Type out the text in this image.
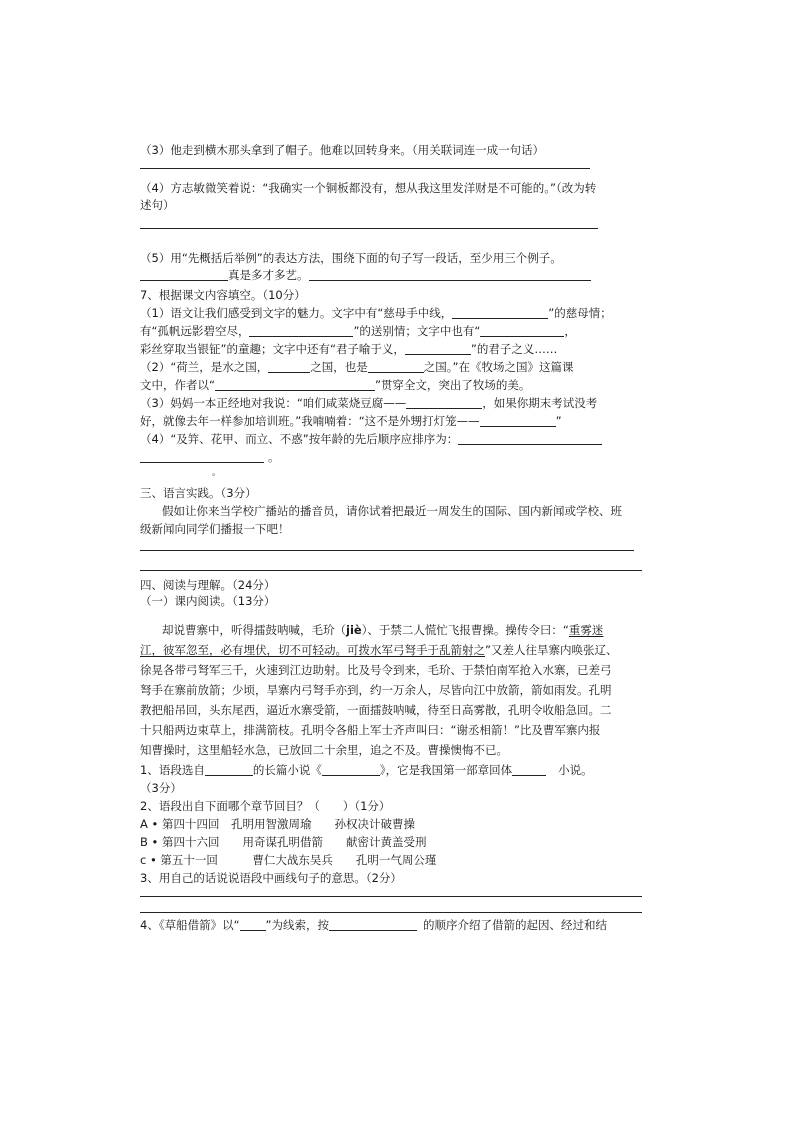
（3）他走到横木那头拿到了帽子。他难以回转身来。（用关联词连一成一句话）
（4）方志敏微笑着说：“我确实一个铜板都没有，想从我这里发洋财是不可能的。”（改为转
述句）
（5）用“先概括后举例”的表达方法，围绕下面的句子写一段话，至少用三个例子。
真是多才多艺。
7、根据课文内容填空。（10分）
（1）语文让我们感受到文字的魅力。文字中有“慈母手中线，	”的慈母情；
有“孤帆远影碧空尽，	”的送别情；文字中也有“	，
彩丝穿取当银钲”的童趣；文字中还有“君子喻于义，	”的君子之义……
（2）“荷兰，是水之国，	之国，也是	之国。”在《牧场之国》这篇课
文中，作者以“	”贯穿全文，突出了牧场的美。
（3）妈妈一本正经地对我说：“咱们咸菜烧豆腐——	，如果你期末考试没考
好，就像去年一样参加培训班。”我喃喃着：“这不是外甥打灯笼——	”
（4）“及笄、花甲、而立、不惑”按年龄的先后顺序应排序为：
。
。
三、语言实践。（3分）
假如让你来当学校广播站的播音员，请你试着把最近一周发生的国际、国内新闻或学校、班
级新闻向同学们播报一下吧！
四、阅读与理解。（24分）
（一）课内阅读。（13分）
却说曹寨中，听得擂鼓呐喊，毛玠（jiè）、于禁二人慌忙飞报曹操。操传令曰：“重雾迷
江，彼军忽至，必有埋伏，切不可轻动。可拨水军弓弩手于乱箭射之”又差人往旱寨内唤张辽、
徐晃各带弓弩军三千，火速到江边助射。比及号令到来，毛玠、于禁怕南军抢入水寨，已差弓
弩手在寨前放箭；少顷，旱寨内弓弩手亦到，约一万余人，尽皆向江中放箭，箭如雨发。孔明
教把船吊回，头东尾西，逼近水寨受箭，一面擂鼓呐喊，待至日高雾散，孔明令收船急回。二
十只船两边束草上，排满箭枝。孔明令各船上军士齐声叫曰：“谢丞相箭！”比及曹军寨内报
知曹操时，这里船轻水急，已放回二十余里，追之不及。曹操懊悔不已。
1、语段选自	的长篇小说《	》，它是我国第一部章回体	小说。
（3分）
2、语段出自下面哪个章节回目？（　　）（1分）
A • 第四十四回　孔明用智激周瑜　　孙权决计破曹操
B • 第四十六回　　用奇谋孔明借箭　　献密计黄盖受刑
c • 第五十一回　　　曹仁大战东吴兵　　孔明一气周公瑾
3、用自己的话说说语段中画线句子的意思。（2分）
4、《草船借箭》以“ ”为线索，按	的顺序介绍了借箭的起因、经过和结
